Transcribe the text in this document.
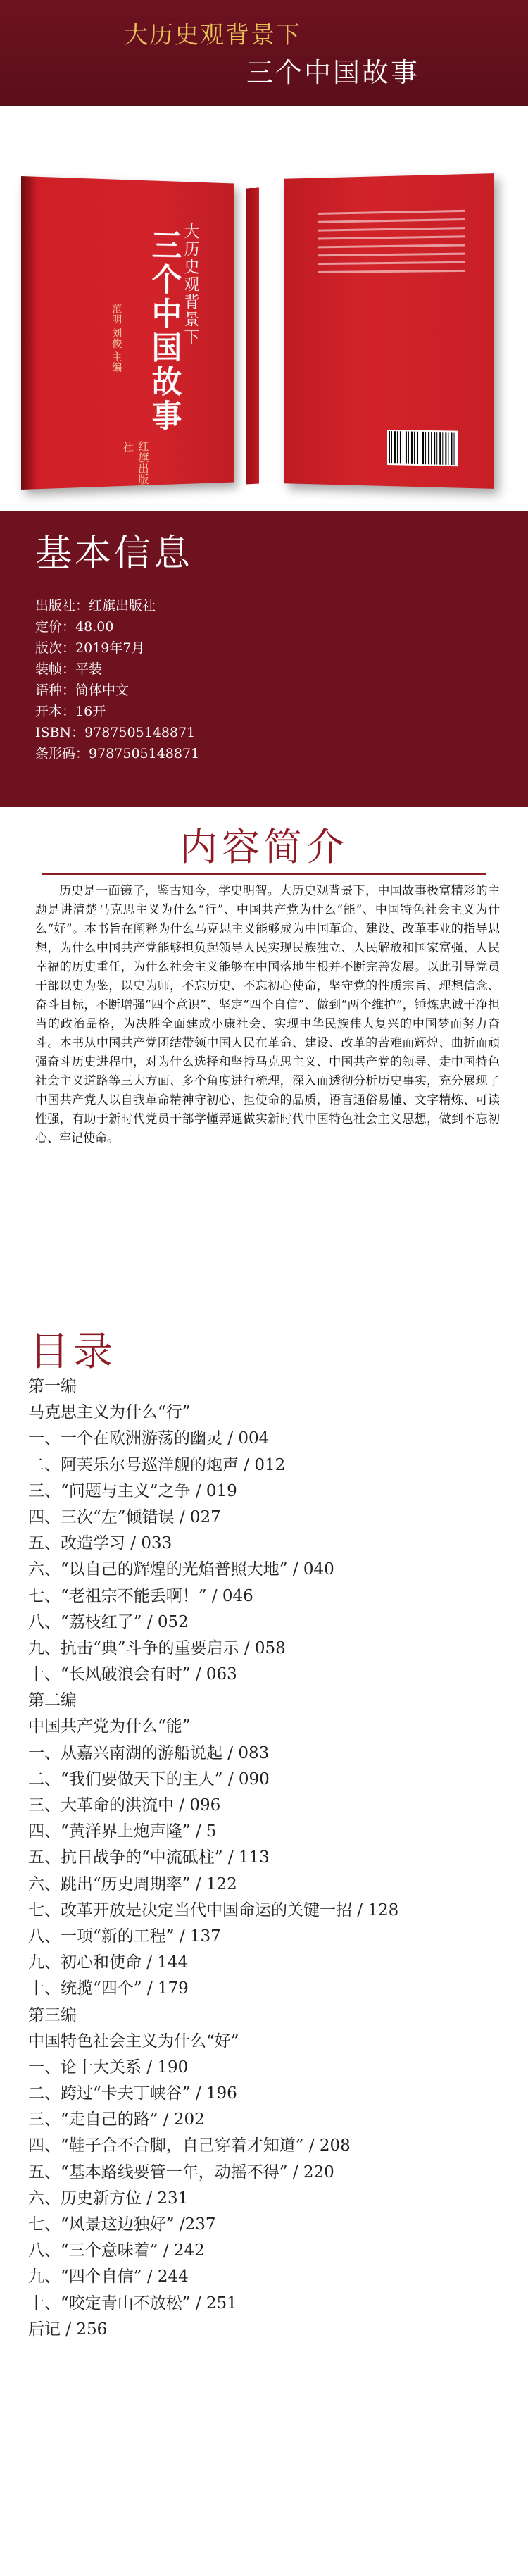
大历史观背景下
三个中国故事
大历史观背景下
三个中国故事
范明 刘俊 主编
红旗出版社
基本信息
出版社：红旗出版社
定价：48.00
版次：2019年7月
装帧：平装
语种：简体中文
开本：16开
ISBN：9787505148871
条形码：9787505148871
内容简介
历史是一面镜子，鉴古知今，学史明智。大历史观背景下，中国故事极富精彩的主题是讲清楚马克思主义为什么“行”、中国共产党为什么“能”、中国特色社会主义为什么“好”。本书旨在阐释为什么马克思主义能够成为中国革命、建设、改革事业的指导思想，为什么中国共产党能够担负起领导人民实现民族独立、人民解放和国家富强、人民幸福的历史重任，为什么社会主义能够在中国落地生根并不断完善发展。以此引导党员干部以史为鉴，以史为师，不忘历史、不忘初心使命，坚守党的性质宗旨、理想信念、奋斗目标，不断增强“四个意识”、坚定“四个自信”、做到“两个维护”，锤炼忠诚干净担当的政治品格，为决胜全面建成小康社会、实现中华民族伟大复兴的中国梦而努力奋斗。本书从中国共产党团结带领中国人民在革命、建设、改革的苦难而辉煌、曲折而顽强奋斗历史进程中，对为什么选择和坚持马克思主义、中国共产党的领导、走中国特色社会主义道路等三大方面、多个角度进行梳理，深入而透彻分析历史事实，充分展现了中国共产党人以自我革命精神守初心、担使命的品质，语言通俗易懂、文字精炼、可读性强，有助于新时代党员干部学懂弄通做实新时代中国特色社会主义思想，做到不忘初心、牢记使命。
目录
第一编
马克思主义为什么“行”
一、一个在欧洲游荡的幽灵 / 004
二、阿芙乐尔号巡洋舰的炮声 / 012
三、“问题与主义”之争 / 019
四、三次“左”倾错误 / 027
五、改造学习 / 033
六、“以自己的辉煌的光焰普照大地” / 040
七、“老祖宗不能丢啊！” / 046
八、“荔枝红了” / 052
九、抗击“典”斗争的重要启示 / 058
十、“长风破浪会有时” / 063
第二编
中国共产党为什么“能”
一、从嘉兴南湖的游船说起 / 083
二、“我们要做天下的主人” / 090
三、大革命的洪流中 / 096
四、“黄洋界上炮声隆” / 5
五、抗日战争的“中流砥柱” / 113
六、跳出“历史周期率” / 122
七、改革开放是决定当代中国命运的关键一招 / 128
八、一项“新的工程” / 137
九、初心和使命 / 144
十、统揽“四个” / 179
第三编
中国特色社会主义为什么“好”
一、论十大关系 / 190
二、跨过“卡夫丁峡谷” / 196
三、“走自己的路” / 202
四、“鞋子合不合脚，自己穿着才知道” / 208
五、“基本路线要管一年，动摇不得” / 220
六、历史新方位 / 231
七、“风景这边独好” /237
八、“三个意味着” / 242
九、“四个自信” / 244
十、“咬定青山不放松” / 251
后记 / 256
